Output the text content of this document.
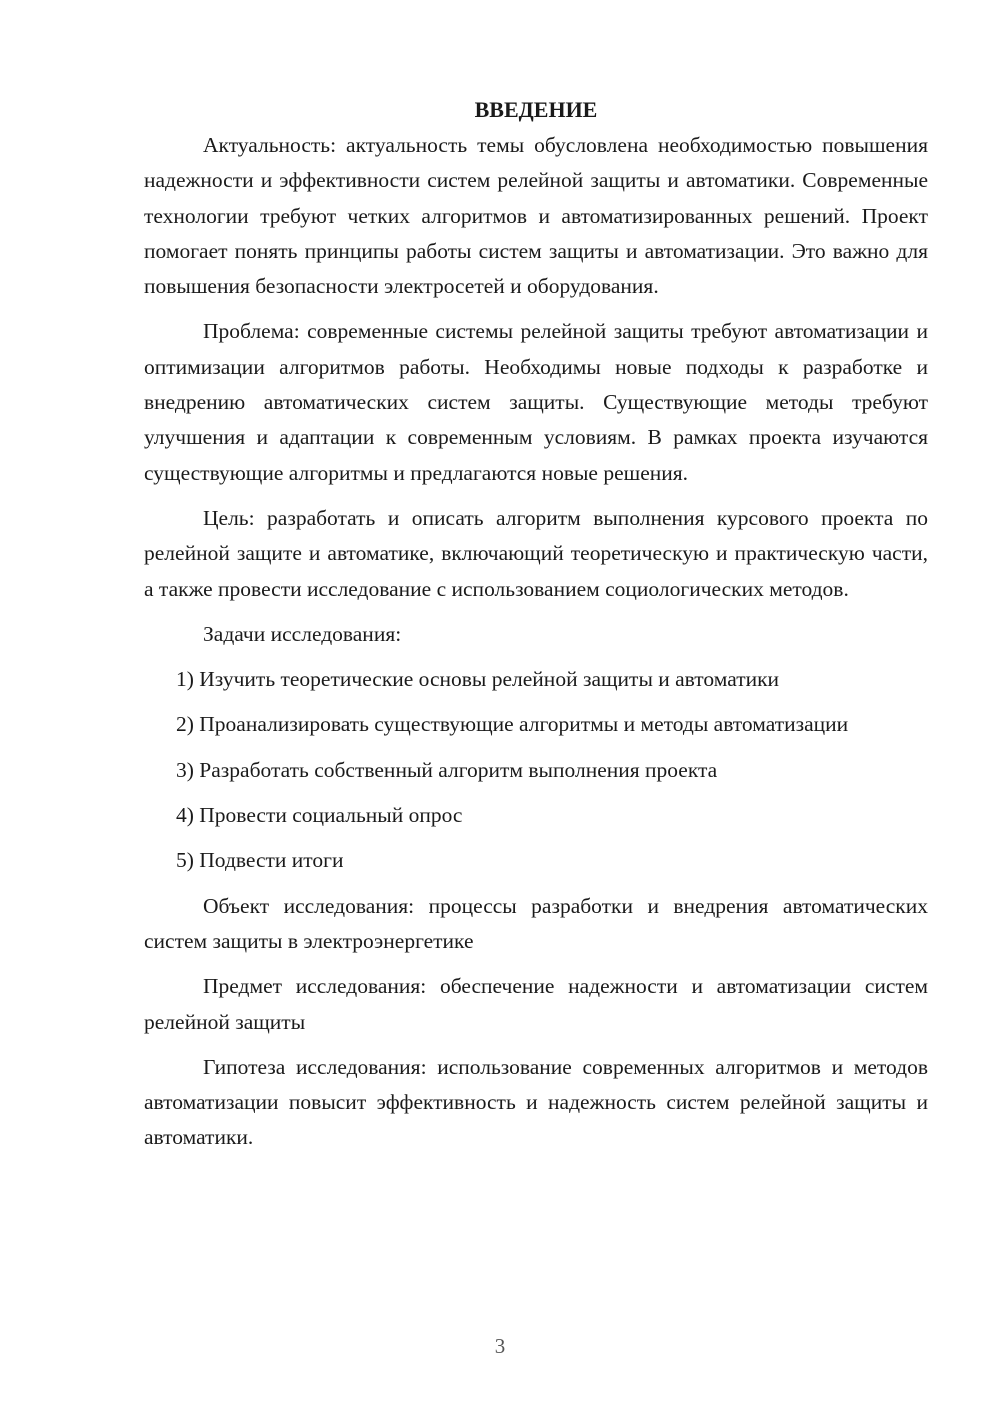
ВВЕДЕНИЕ

Актуальность: актуальность темы обусловлена необходимостью повышения надежности и эффективности систем релейной защиты и автоматики. Современные технологии требуют четких алгоритмов и автоматизированных решений. Проект помогает понять принципы работы систем защиты и автоматизации. Это важно для повышения безопасности электросетей и оборудования.

Проблема: современные системы релейной защиты требуют автоматизации и оптимизации алгоритмов работы. Необходимы новые подходы к разработке и внедрению автоматических систем защиты. Существующие методы требуют улучшения и адаптации к современным условиям. В рамках проекта изучаются существующие алгоритмы и предлагаются новые решения.

Цель: разработать и описать алгоритм выполнения курсового проекта по релейной защите и автоматике, включающий теоретическую и практическую части, а также провести исследование с использованием социологических методов.

Задачи исследования:

1) Изучить теоретические основы релейной защиты и автоматики

2) Проанализировать существующие алгоритмы и методы автоматизации

3) Разработать собственный алгоритм выполнения проекта

4) Провести социальный опрос

5) Подвести итоги

Объект исследования: процессы разработки и внедрения автоматических систем защиты в электроэнергетике

Предмет исследования: обеспечение надежности и автоматизации систем релейной защиты

Гипотеза исследования: использование современных алгоритмов и методов автоматизации повысит эффективность и надежность систем релейной защиты и автоматики.

3
